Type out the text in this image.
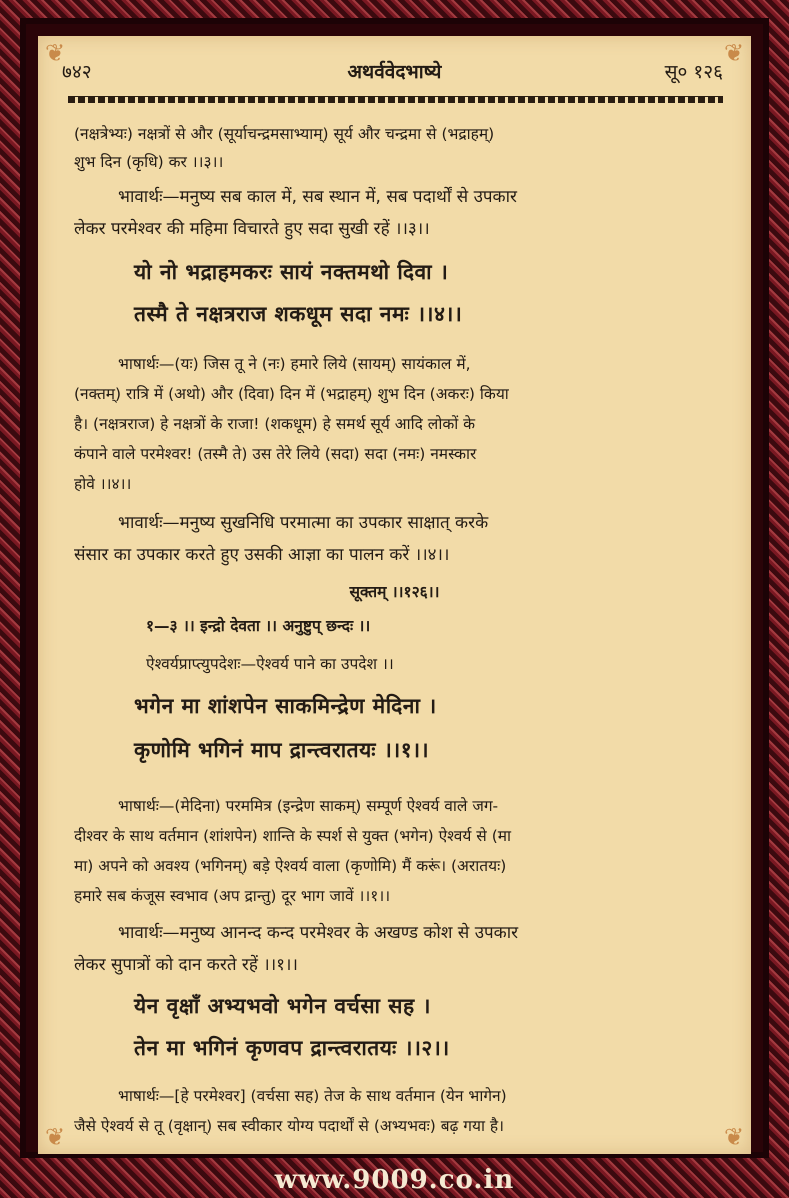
❦	❦
❦	❦
७४२	अथर्ववेदभाष्ये	सू० १२६
(नक्षत्रेभ्यः) नक्षत्रों से और (सूर्याचन्द्रमसाभ्याम्) सूर्य और चन्द्रमा से (भद्राहम्)
शुभ दिन (कृधि) कर ।।३।।
भावार्थः—मनुष्य सब काल में, सब स्थान में, सब पदार्थों से उपकार
लेकर परमेश्वर की महिमा विचारते हुए सदा सुखी रहें ।।३।।
यो नो भद्राहमकरः सायं नक्तमथो दिवा ।
तस्मै ते नक्षत्रराज शकधूम सदा नमः ।।४।।
भाषार्थः—(यः) जिस तू ने (नः) हमारे लिये (सायम्) सायंकाल में,
(नक्तम्) रात्रि में (अथो) और (दिवा) दिन में (भद्राहम्) शुभ दिन (अकरः) किया
है। (नक्षत्रराज) हे नक्षत्रों के राजा! (शकधूम) हे समर्थ सूर्य आदि लोकों के
कंपाने वाले परमेश्वर! (तस्मै ते) उस तेरे लिये (सदा) सदा (नमः) नमस्कार
होवे ।।४।।
भावार्थः—मनुष्य सुखनिधि परमात्मा का उपकार साक्षात् करके
संसार का उपकार करते हुए उसकी आज्ञा का पालन करें ।।४।।
सूक्तम् ।।१२६।।
१—३ ।। इन्द्रो देवता ।। अनुष्टुप् छन्दः ।।
ऐश्वर्यप्राप्त्युपदेशः—ऐश्वर्य पाने का उपदेश ।।
भगेन मा शांशपेन साकमिन्द्रेण मेदिना ।
कृणोमि भगिनं माप द्रान्त्वरातयः ।।१।।
भाषार्थः—(मेदिना) परममित्र (इन्द्रेण साकम्) सम्पूर्ण ऐश्वर्य वाले जग-
दीश्वर के साथ वर्तमान (शांशपेन) शान्ति के स्पर्श से युक्त (भगेन) ऐश्वर्य से (मा
मा) अपने को अवश्य (भगिनम्) बड़े ऐश्वर्य वाला (कृणोमि) मैं करूं। (अरातयः)
हमारे सब कंजूस स्वभाव (अप द्रान्तु) दूर भाग जावें ।।१।।
भावार्थः—मनुष्य आनन्द कन्द परमेश्वर के अखण्ड कोश से उपकार
लेकर सुपात्रों को दान करते रहें ।।१।।
येन वृक्षाँ अभ्यभवो भगेन वर्चसा सह ।
तेन मा भगिनं कृणवप द्रान्त्वरातयः ।।२।।
भाषार्थः—[हे परमेश्वर] (वर्चसा सह) तेज के साथ वर्तमान (येन भागेन)
जैसे ऐश्वर्य से तू (वृक्षान्) सब स्वीकार योग्य पदार्थों से (अभ्यभवः) बढ़ गया है।
www.9009.co.in
